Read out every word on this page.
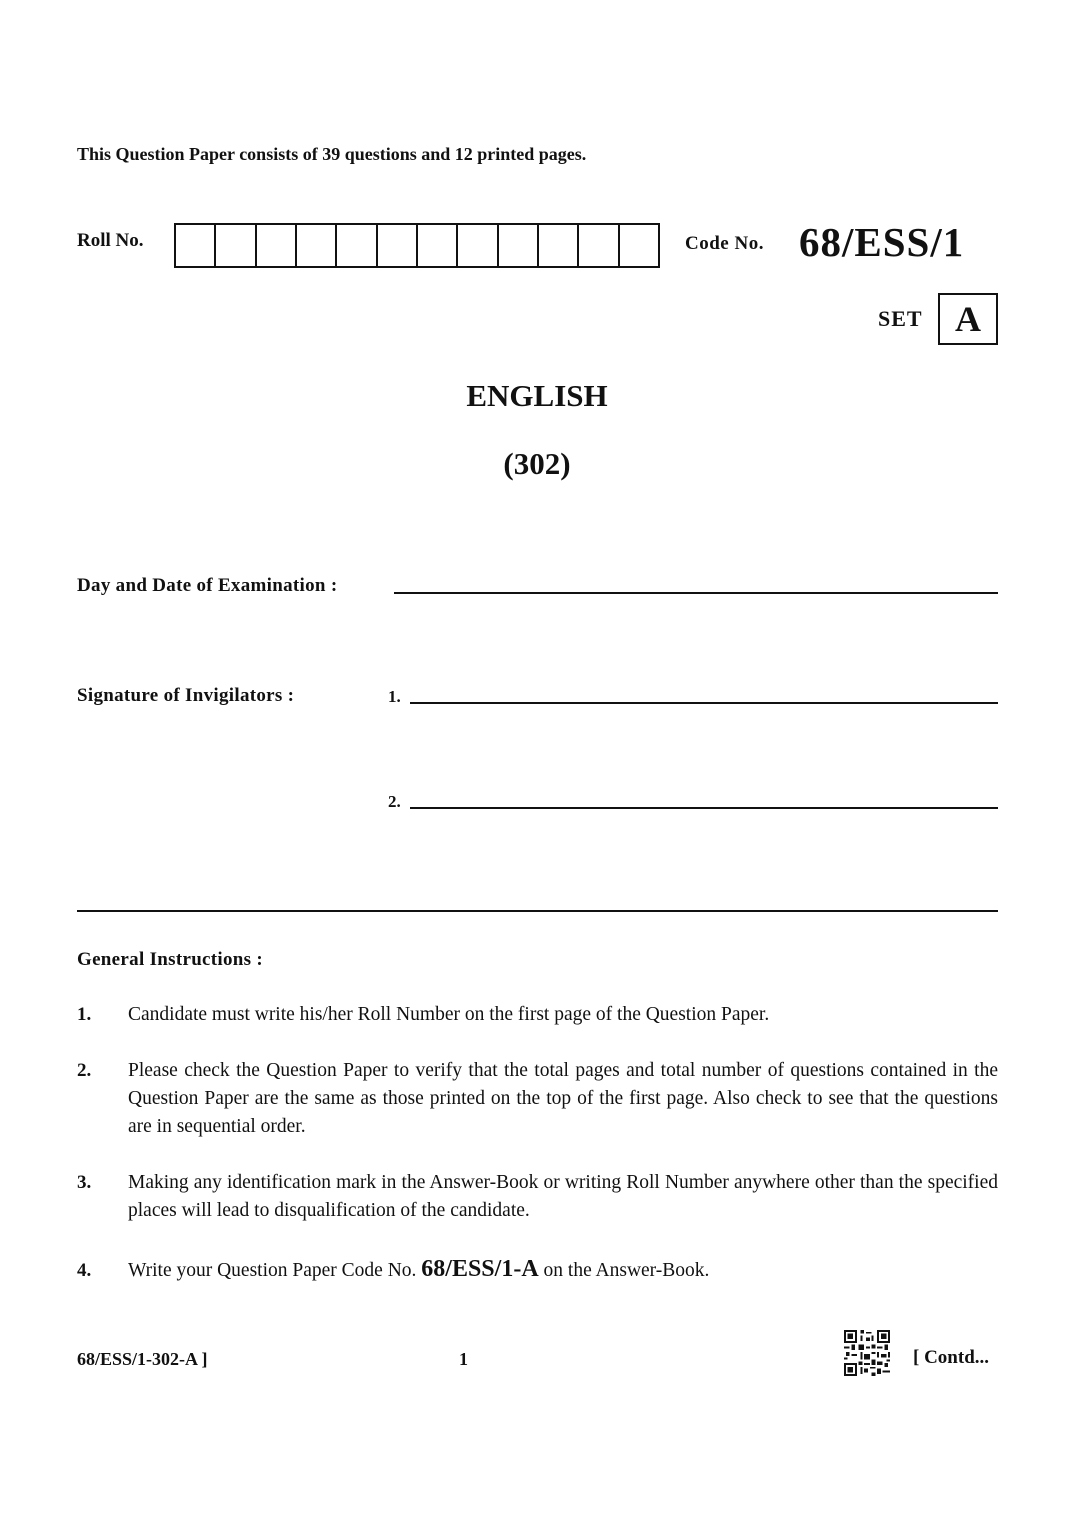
This Question Paper consists of 39 questions and 12 printed pages.
Roll No.	Code No. 68/ESS/1
SET A
ENGLISH
(302)
Day and Date of Examination :
Signature of Invigilators :	1.
2.
General Instructions :
1. Candidate must write his/her Roll Number on the first page of the Question Paper.
2. Please check the Question Paper to verify that the total pages and total number of questions contained in the Question Paper are the same as those printed on the top of the first page. Also check to see that the questions are in sequential order.
3. Making any identification mark in the Answer-Book or writing Roll Number anywhere other than the specified places will lead to disqualification of the candidate.
4. Write your Question Paper Code No. 68/ESS/1-A on the Answer-Book.
68/ESS/1-302-A ]	1	[ Contd...
